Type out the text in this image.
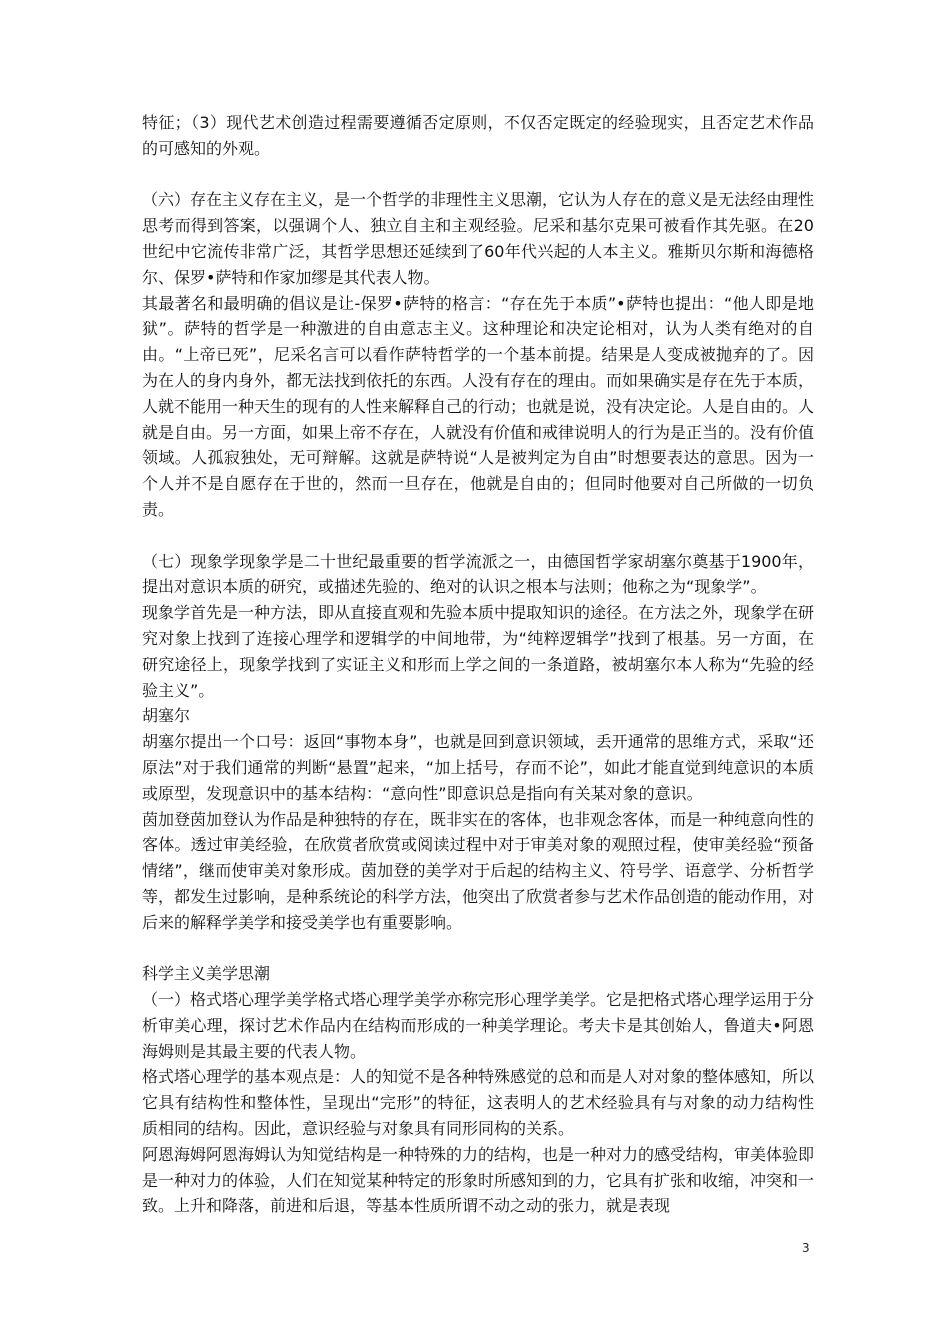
特征；（3）现代艺术创造过程需要遵循否定原则，不仅否定既定的经验现实，且否定艺术作品的可感知的外观。

（六）存在主义存在主义，是一个哲学的非理性主义思潮，它认为人存在的意义是无法经由理性思考而得到答案，以强调个人、独立自主和主观经验。尼采和基尔克果可被看作其先驱。在20世纪中它流传非常广泛，其哲学思想还延续到了60年代兴起的人本主义。雅斯贝尔斯和海德格尔、保罗•萨特和作家加缪是其代表人物。

其最著名和最明确的倡议是让-保罗•萨特的格言：“存在先于本质”•萨特也提出：“他人即是地狱”。萨特的哲学是一种激进的自由意志主义。这种理论和决定论相对，认为人类有绝对的自由。“上帝已死”，尼采名言可以看作萨特哲学的一个基本前提。结果是人变成被抛弃的了。因为在人的身内身外，都无法找到依托的东西。人没有存在的理由。而如果确实是存在先于本质，人就不能用一种天生的现有的人性来解释自己的行动；也就是说，没有决定论。人是自由的。人就是自由。另一方面，如果上帝不存在，人就没有价值和戒律说明人的行为是正当的。没有价值领域。人孤寂独处，无可辩解。这就是萨特说“人是被判定为自由”时想要表达的意思。因为一个人并不是自愿存在于世的，然而一旦存在，他就是自由的；但同时他要对自己所做的一切负责。

（七）现象学现象学是二十世纪最重要的哲学流派之一，由德国哲学家胡塞尔奠基于1900年，提出对意识本质的研究，或描述先验的、绝对的认识之根本与法则；他称之为“现象学”。

现象学首先是一种方法，即从直接直观和先验本质中提取知识的途径。在方法之外，现象学在研究对象上找到了连接心理学和逻辑学的中间地带，为“纯粹逻辑学”找到了根基。另一方面，在研究途径上，现象学找到了实证主义和形而上学之间的一条道路，被胡塞尔本人称为“先验的经验主义”。

胡塞尔

胡塞尔提出一个口号：返回“事物本身”，也就是回到意识领域，丢开通常的思维方式，采取“还原法”对于我们通常的判断“悬置”起来，“加上括号，存而不论”，如此才能直觉到纯意识的本质或原型，发现意识中的基本结构：“意向性”即意识总是指向有关某对象的意识。

茵加登茵加登认为作品是种独特的存在，既非实在的客体，也非观念客体，而是一种纯意向性的客体。透过审美经验，在欣赏者欣赏或阅读过程中对于审美对象的观照过程，使审美经验“预备情绪”，继而使审美对象形成。茵加登的美学对于后起的结构主义、符号学、语意学、分析哲学等，都发生过影响，是种系统论的科学方法，他突出了欣赏者参与艺术作品创造的能动作用，对后来的解释学美学和接受美学也有重要影响。

科学主义美学思潮

（一）格式塔心理学美学格式塔心理学美学亦称完形心理学美学。它是把格式塔心理学运用于分析审美心理，探讨艺术作品内在结构而形成的一种美学理论。考夫卡是其创始人，鲁道夫•阿恩海姆则是其最主要的代表人物。

格式塔心理学的基本观点是：人的知觉不是各种特殊感觉的总和而是人对对象的整体感知，所以它具有结构性和整体性，呈现出“完形”的特征，这表明人的艺术经验具有与对象的动力结构性质相同的结构。因此，意识经验与对象具有同形同构的关系。

阿恩海姆阿恩海姆认为知觉结构是一种特殊的力的结构，也是一种对力的感受结构，审美体验即是一种对力的体验，人们在知觉某种特定的形象时所感知到的力，它具有扩张和收缩，冲突和一致。上升和降落，前进和后退，等基本性质所谓不动之动的张力，就是表现

3
